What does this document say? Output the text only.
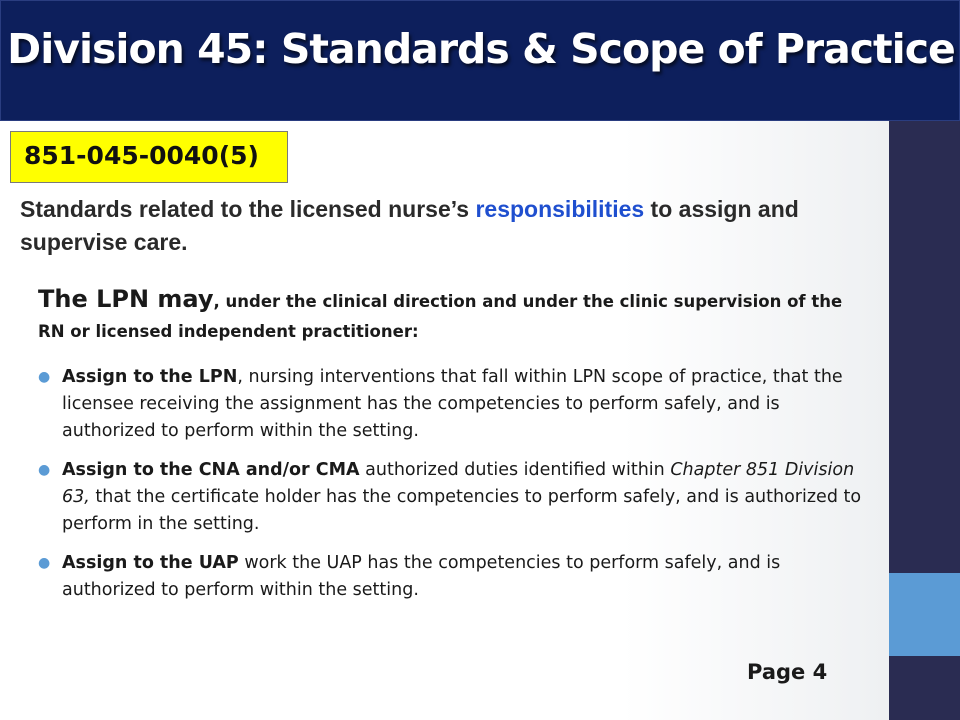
Division 45: Standards & Scope of Practice
851-045-0040(5)
Standards related to the licensed nurse’s responsibilities to assign and supervise care.
The LPN may, under the clinical direction and under the clinic supervision of the RN or licensed independent practitioner:
● Assign to the LPN, nursing interventions that fall within LPN scope of practice, that the licensee receiving the assignment has the competencies to perform safely, and is authorized to perform within the setting.
● Assign to the CNA and/or CMA authorized duties identified within Chapter 851 Division 63, that the certificate holder has the competencies to perform safely, and is authorized to perform in the setting.
● Assign to the UAP work the UAP has the competencies to perform safely, and is authorized to perform within the setting.
Page 4
